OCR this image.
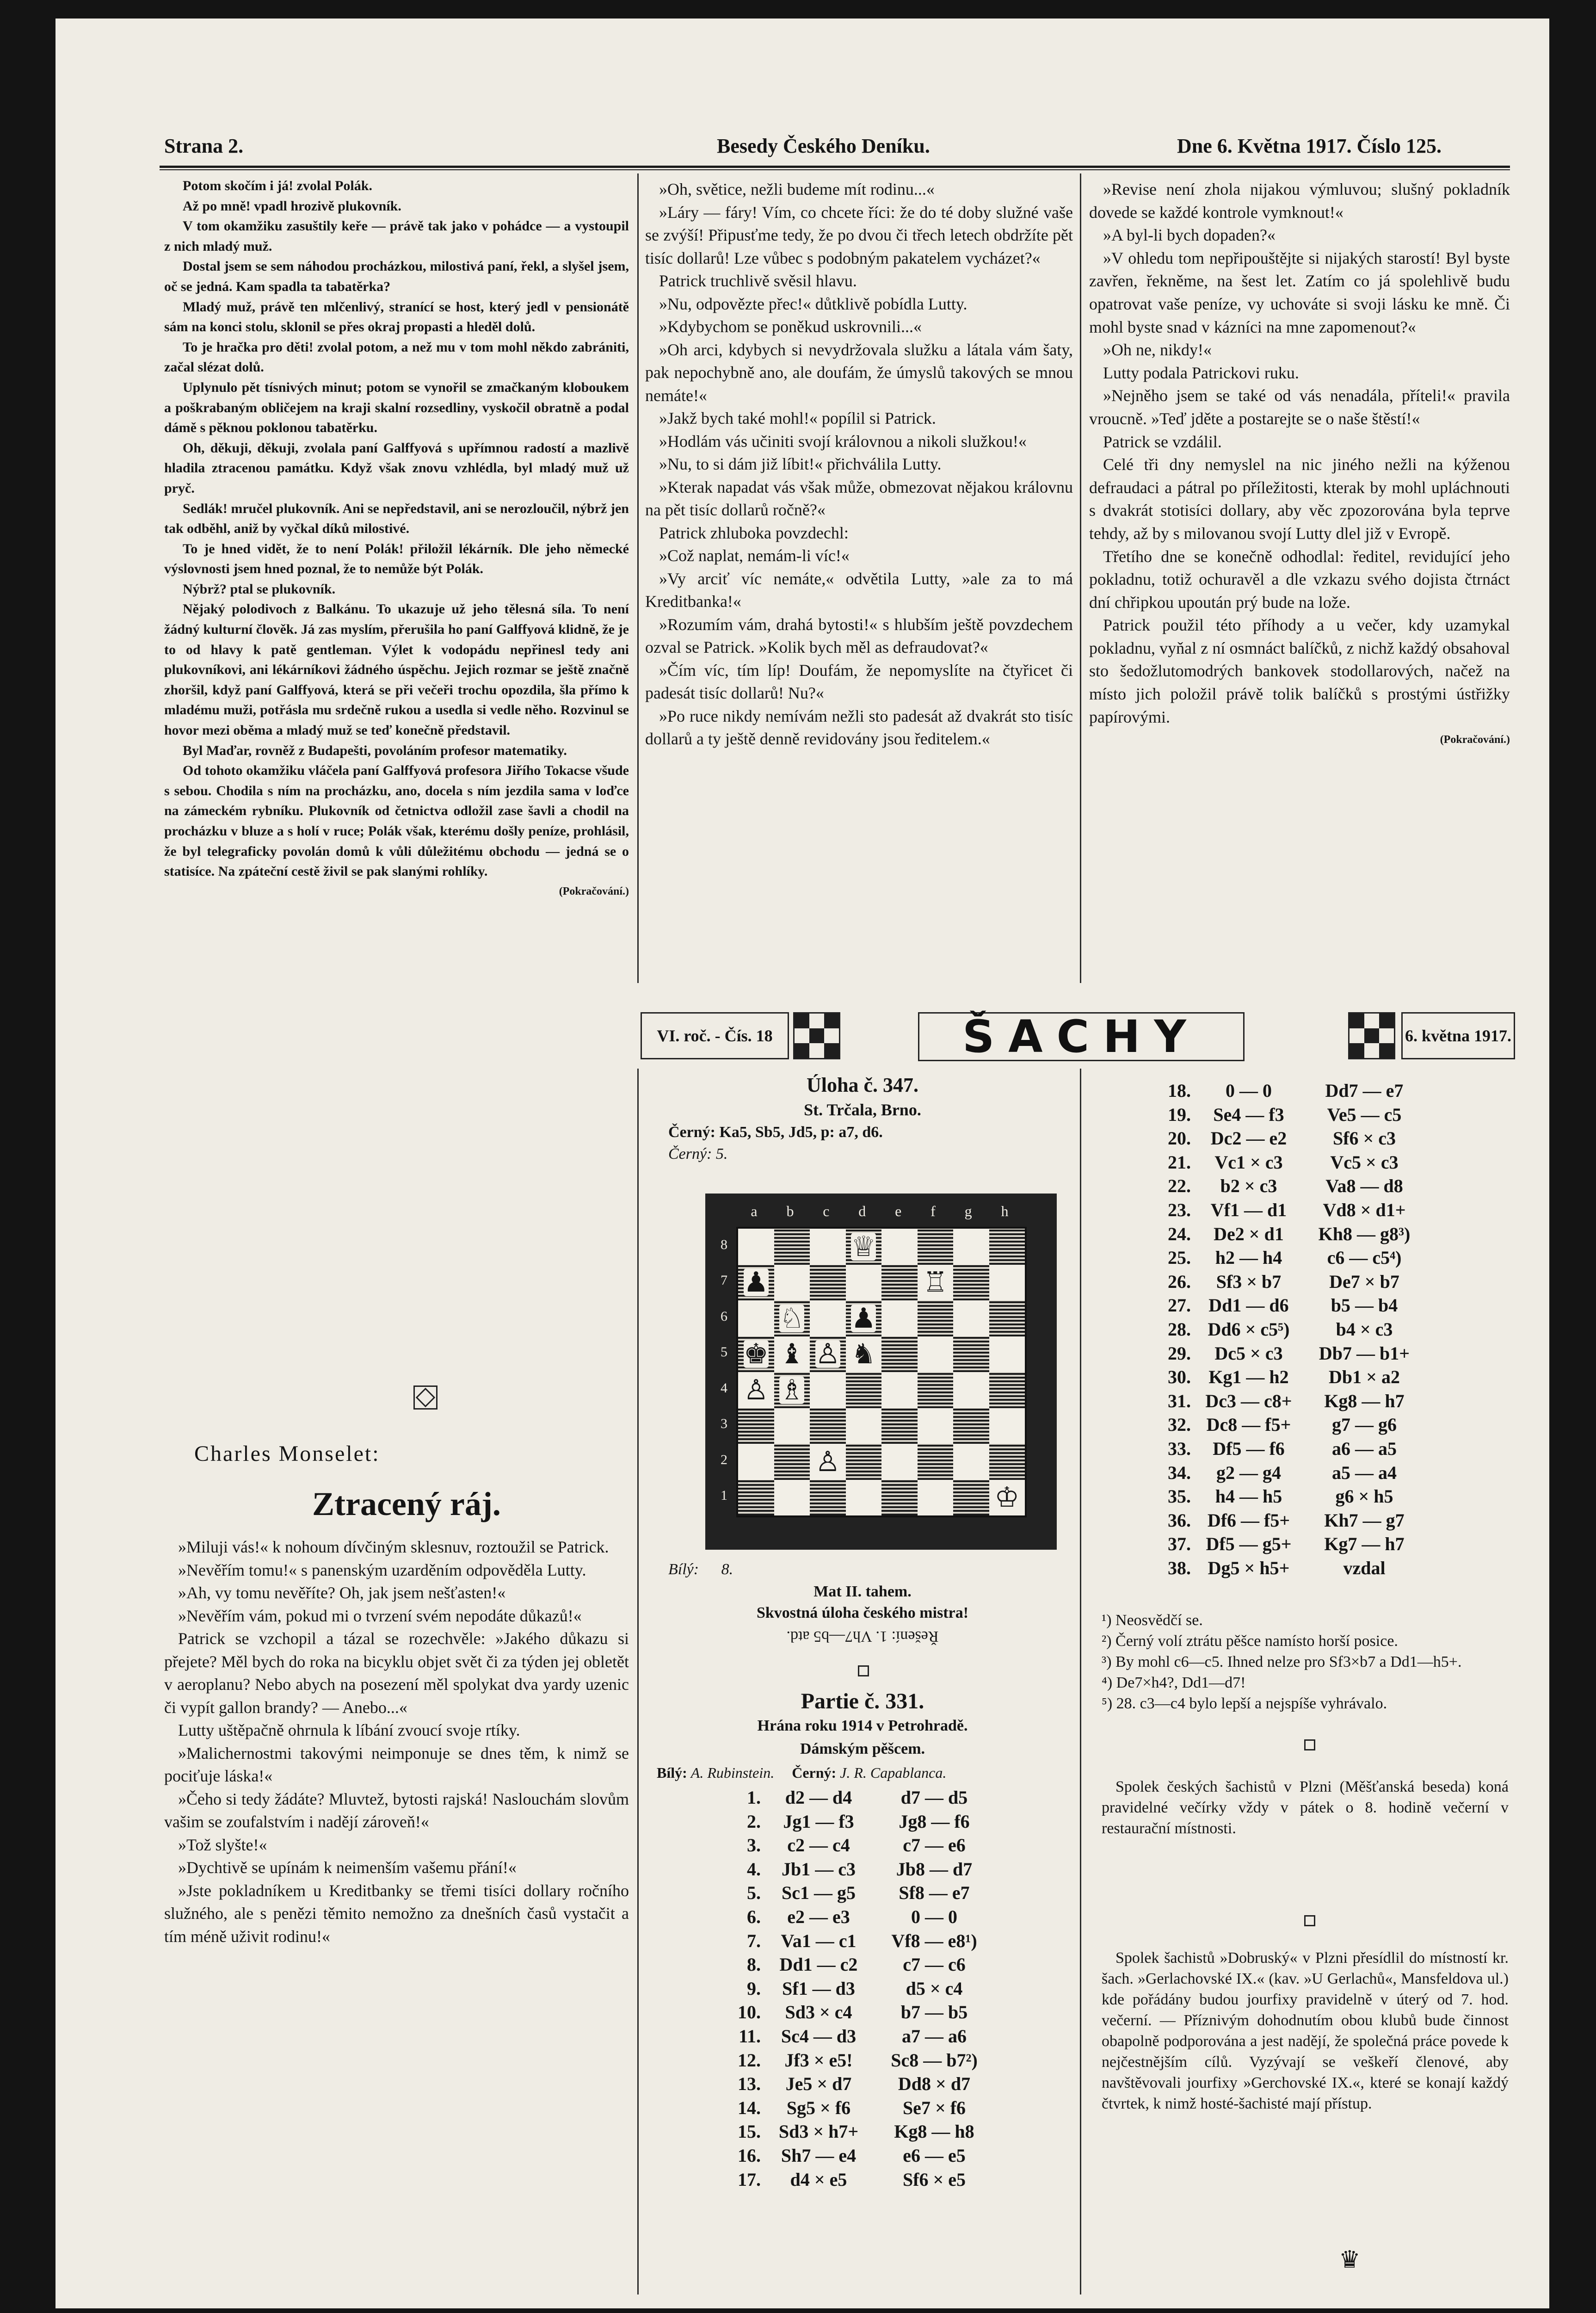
Strana 2.	Besedy Českého Deníku.	Dne 6. Května 1917. Číslo 125.

Potom skočím i já! zvolal Polák.

Až po mně! vpadl hrozivě plukovník.

V tom okamžiku zasuštily keře — právě tak jako v pohádce — a vystoupil z nich mladý muž.

Dostal jsem se sem náhodou procházkou, milostivá paní, řekl, a slyšel jsem, oč se jedná. Kam spadla ta tabatěrka?

Mladý muž, právě ten mlčenlivý, stranící se host, který jedl v pensionátě sám na konci stolu, sklonil se přes okraj propasti a hleděl dolů.

To je hračka pro děti! zvolal potom, a než mu v tom mohl někdo zabrániti, začal slézat dolů.

Uplynulo pět tísnivých minut; potom se vynořil se zmačkaným kloboukem a poškrabaným obličejem na kraji skalní rozsedliny, vyskočil obratně a podal dámě s pěknou poklonou tabatěrku.

Oh, děkuji, děkuji, zvolala paní Galffyová s upřímnou radostí a mazlivě hladila ztracenou památku. Když však znovu vzhlédla, byl mladý muž už pryč.

Sedlák! mručel plukovník. Ani se nepředstavil, ani se nerozloučil, nýbrž jen tak odběhl, aniž by vyčkal díků milostivé.

To je hned vidět, že to není Polák! přiložil lékárník. Dle jeho německé výslovnosti jsem hned poznal, že to nemůže být Polák.

Nýbrž? ptal se plukovník.

Nějaký polodivoch z Balkánu. To ukazuje už jeho tělesná síla. To není žádný kulturní člověk. Já zas myslím, přerušila ho paní Galffyová klidně, že je to od hlavy k patě gentleman. Výlet k vodopádu nepřinesl tedy ani plukovníkovi, ani lékárníkovi žádného úspěchu. Jejich rozmar se ještě značně zhoršil, když paní Galffyová, která se při večeři trochu opozdila, šla přímo k mladému muži, potřásla mu srdečně rukou a usedla si vedle něho. Rozvinul se hovor mezi oběma a mladý muž se teď konečně představil.

Byl Maďar, rovněž z Budapešti, povoláním profesor matematiky.

Od tohoto okamžiku vláčela paní Galffyová profesora Jiřího Tokacse všude s sebou. Chodila s ním na procházku, ano, docela s ním jezdila sama v loďce na zámeckém rybníku. Plukovník od četnictva odložil zase šavli a chodil na procházku v bluze a s holí v ruce; Polák však, kterému došly peníze, prohlásil, že byl telegraficky povolán domů k vůli důležitému obchodu — jedná se o statisíce. Na zpáteční cestě živil se pak slanými rohlíky.

(Pokračování.)

Charles Monselet:
Ztracený ráj.

»Miluji vás!« k nohoum dívčiným sklesnuv, roztoužil se Patrick.

»Nevěřím tomu!« s panenským uzarděním odpověděla Lutty.

»Ah, vy tomu nevěříte? Oh, jak jsem nešťasten!«

»Nevěřím vám, pokud mi o tvrzení svém nepodáte důkazů!«

Patrick se vzchopil a tázal se rozechvěle: »Jakého důkazu si přejete? Měl bych do roka na bicyklu objet svět či za týden jej obletět v aeroplanu? Nebo abych na posezení měl spolykat dva yardy uzenic či vypít gallon brandy? — Anebo...«

Lutty uštěpačně ohrnula k líbání zvoucí svoje rtíky.

»Malichernostmi takovými neimponuje se dnes těm, k nimž se pociťuje láska!«

»Čeho si tedy žádáte? Mluvtež, bytosti rajská! Naslouchám slovům vašim se zoufalstvím i nadějí zároveň!«

»Tož slyšte!«

»Dychtivě se upínám k neimenším vašemu přání!«

»Jste pokladníkem u Kreditbanky se třemi tisíci dollary ročního služného, ale s penězi těmito nemožno za dnešních časů vystačit a tím méně uživit rodinu!«

»Oh, světice, nežli budeme mít rodinu...«

»Láry — fáry! Vím, co chcete říci: že do té doby služné vaše se zvýší! Připusťme tedy, že po dvou či třech letech obdržíte pět tisíc dollarů! Lze vůbec s podobným pakatelem vycházet?«

Patrick truchlivě svěsil hlavu.

»Nu, odpovězte přec!« důtklivě pobídla Lutty.

»Kdybychom se poněkud uskrovnili...«

»Oh arci, kdybych si nevydržovala služku a látala vám šaty, pak nepochybně ano, ale doufám, že úmyslů takových se mnou nemáte!«

»Jakž bych také mohl!« popílil si Patrick.

»Hodlám vás učiniti svojí královnou a nikoli služkou!«

»Nu, to si dám již líbit!« přichválila Lutty.

»Kterak napadat vás však může, obmezovat nějakou královnu na pět tisíc dollarů ročně?«

Patrick zhluboka povzdechl:

»Což naplat, nemám-li víc!«

»Vy arciť víc nemáte,« odvětila Lutty, »ale za to má Kreditbanka!«

»Rozumím vám, drahá bytosti!« s hlubším ještě povzdechem ozval se Patrick. »Kolik bych měl as defraudovat?«

»Čím víc, tím líp! Doufám, že nepomyslíte na čtyřicet či padesát tisíc dollarů! Nu?«

»Po ruce nikdy nemívám nežli sto padesát až dvakrát sto tisíc dollarů a ty ještě denně revidovány jsou ředitelem.«

»Revise není zhola nijakou výmluvou; slušný pokladník dovede se každé kontrole vymknout!«

»A byl-li bych dopaden?«

»V ohledu tom nepřipouštějte si nijakých starostí! Byl byste zavřen, řekněme, na šest let. Zatím co já spolehlivě budu opatrovat vaše peníze, vy uchováte si svoji lásku ke mně. Či mohl byste snad v kázníci na mne zapomenout?«

»Oh ne, nikdy!«

Lutty podala Patrickovi ruku.

»Nejněho jsem se také od vás nenadála, příteli!« pravila vroucně. »Teď jděte a postarejte se o naše štěstí!«

Patrick se vzdálil.

Celé tři dny nemyslel na nic jiného nežli na kýženou defraudaci a pátral po příležitosti, kterak by mohl upláchnouti s dvakrát stotisíci dollary, aby věc zpozorována byla teprve tehdy, až by s milovanou svojí Lutty dlel již v Evropě.

Třetího dne se konečně odhodlal: ředitel, revidující jeho pokladnu, totiž ochuravěl a dle vzkazu svého dojista čtrnáct dní chřipkou upoután prý bude na lože.

Patrick použil této příhody a u večer, kdy uzamykal pokladnu, vyňal z ní osmnáct balíčků, z nichž každý obsahoval sto šedožlutomodrých bankovek stodollarových, načež na místo jich položil právě tolik balíčků s prostými ústřižky papírovými.

(Pokračování.)

VI. roč. - Čís. 18	ŠACHY	6. května 1917.
Úloha č. 347.
St. Trčala, Brno.
Černý: Ka5, Sb5, Jd5, p: a7, d6.
Černý: 5.
a b c d e f g h
8
7
6
5
4
3
2
1
♕
♟	♖
♘ ♟
♚ ♝ ♙ ♞
♙ ♗
♙
♔
Bílý: 8.
Mat II. tahem.
Skvostná úloha českého mistra!
Řešení: 1. Vh7—b5 atd.
Partie č. 331.
Hrána roku 1914 v Petrohradě.
Dámským pěšcem.
Bílý: A. Rubinstein. Černý: J. R. Capablanca.
1.	d2 — d4	d7 — d5
2.	Jg1 — f3	Jg8 — f6
3.	c2 — c4	c7 — e6
4.	Jb1 — c3	Jb8 — d7
5.	Sc1 — g5	Sf8 — e7
6.	e2 — e3	0 — 0
7.	Va1 — c1	Vf8 — e8¹)
8.	Dd1 — c2	c7 — c6
9.	Sf1 — d3	d5 × c4
10.	Sd3 × c4	b7 — b5
11.	Sc4 — d3	a7 — a6
12.	Jf3 × e5!	Sc8 — b7²)
13.	Je5 × d7	Dd8 × d7
14.	Sg5 × f6	Se7 × f6
15. Sd3 × h7+	Kg8 — h8
16.	Sh7 — e4	e6 — e5
17.	d4 × e5	Sf6 × e5
18.	0 — 0	Dd7 — e7
19.	Se4 — f3	Ve5 — c5
20.	Dc2 — e2	Sf6 × c3
21.	Vc1 × c3	Vc5 × c3
22.	b2 × c3	Va8 — d8
23.	Vf1 — d1	Vd8 × d1+
24.	De2 × d1	Kh8 — g8³)
25.	h2 — h4	c6 — c5⁴)
26.	Sf3 × b7	De7 × b7
27. Dd1 — d6	b5 — b4
28. Dd6 × c5⁵)	b4 × c3
29.	Dc5 × c3	Db7 — b1+
30. Kg1 — h2	Db1 × a2
31. Dc3 — c8+	Kg8 — h7
32. Dc8 — f5+	g7 — g6
33.	Df5 — f6	a6 — a5
34.	g2 — g4	a5 — a4
35.	h4 — h5	g6 × h5
36. Df6 — f5+	Kh7 — g7
37. Df5 — g5+	Kg7 — h7
38. Dg5 × h5+	vzdal
¹) Neosvědčí se.
²) Černý volí ztrátu pěšce namísto horší posice.
³) By mohl c6—c5. Ihned nelze pro Sf3×b7 a Dd1—h5+.
⁴) De7×h4?, Dd1—d7!
⁵) 28. c3—c4 bylo lepší a nejspíše vyhrávalo.

Spolek českých šachistů v Plzni (Měšťanská beseda) koná pravidelné večírky vždy v pátek o 8. hodině večerní v restaurační místnosti.

Spolek šachistů »Dobruský« v Plzni přesídlil do místností kr. šach. »Gerlachovské IX.« (kav. »U Gerlachů«, Mansfeldova ul.) kde pořádány budou jourfixy pravidelně v úterý od 7. hod. večerní. — Příznivým dohodnutím obou klubů bude činnost obapolně podporována a jest nadějí, že společná práce povede k nejčestnějším cílů. Vyzývají se veškeří členové, aby navštěvovali jourfixy »Gerchovské IX.«, které se konají každý čtvrtek, k nimž hosté-šachisté mají přístup.

♛
